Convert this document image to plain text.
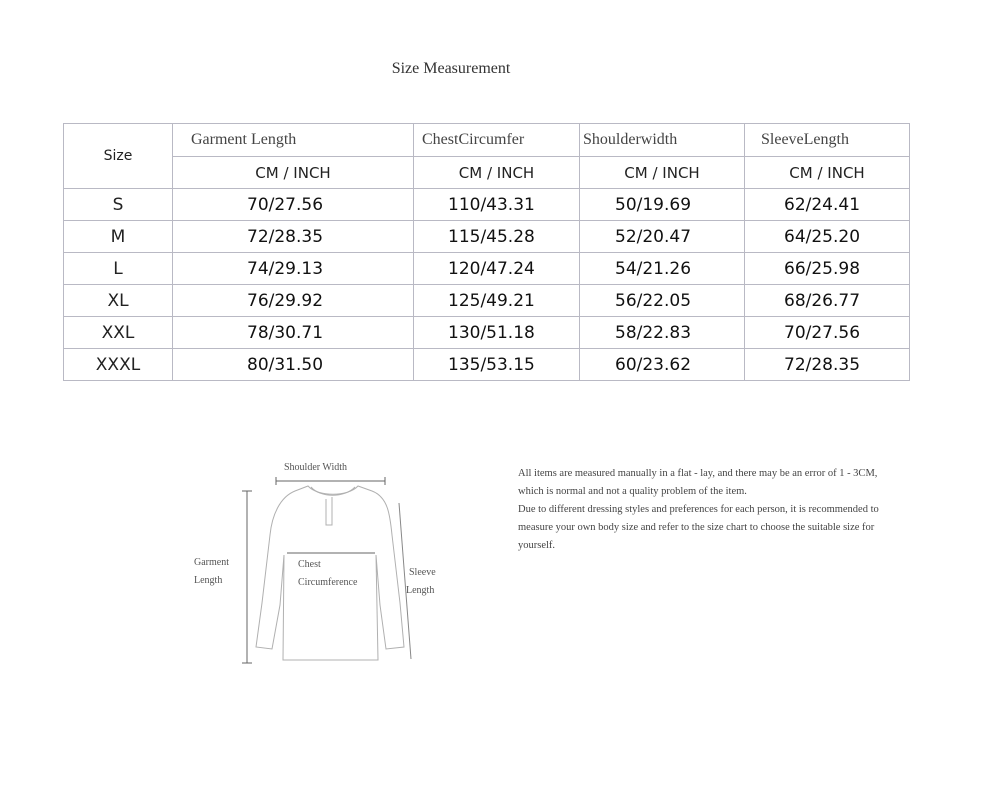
Size Measurement
Size	Garment Length	ChestCircumfer	Shoulderwidth	SleeveLength
	CM / INCH	CM / INCH	CM / INCH	CM / INCH
S	70/27.56	110/43.31	50/19.69	62/24.41
M	72/28.35	115/45.28	52/20.47	64/25.20
L	74/29.13	120/47.24	54/21.26	66/25.98
XL	76/29.92	125/49.21	56/22.05	68/26.77
XXL	78/30.71	130/51.18	58/22.83	70/27.56
XXXL	80/31.50	135/53.15	60/23.62	72/28.35
Shoulder Width
Garment
Length
Chest
Circumference
Sleeve
Length

All items are measured manually in a flat - lay, and there may be an error of 1 - 3CM, which is normal and not a quality problem of the item.

Due to different dressing styles and preferences for each person, it is recommended to measure your own body size and refer to the size chart to choose the suitable size for yourself.
